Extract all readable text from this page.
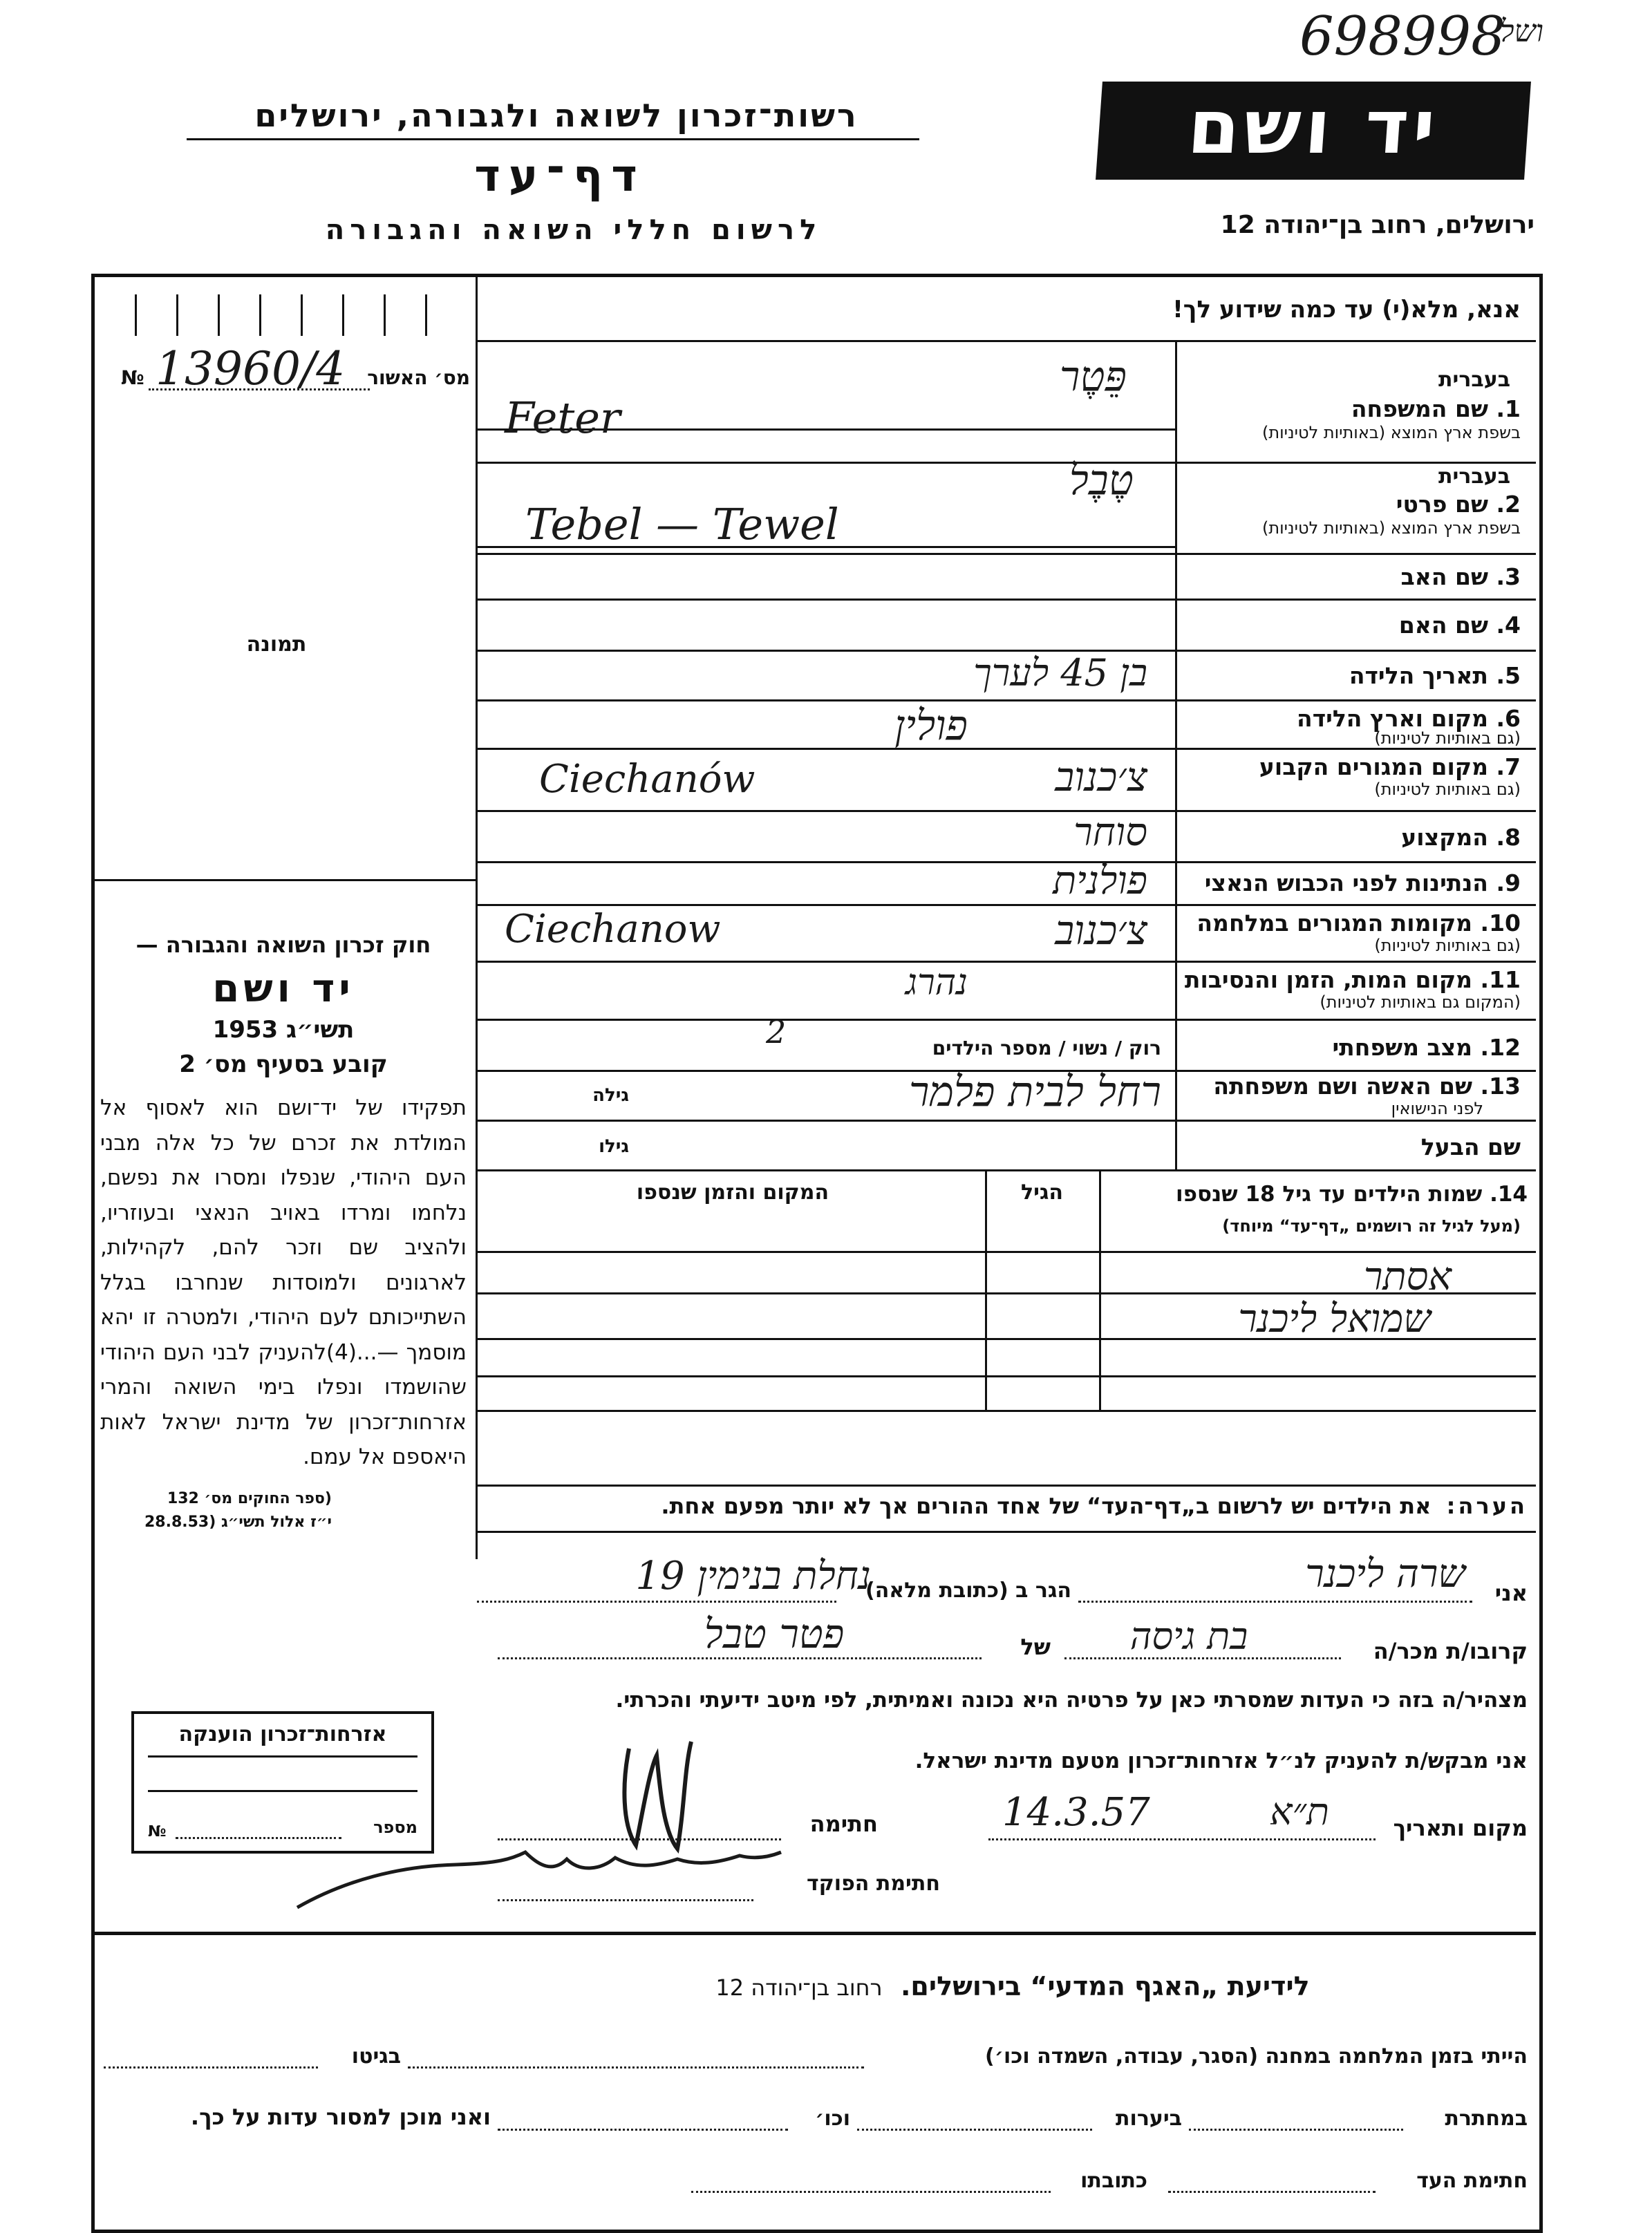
698998
ושל
רשות־זכרון לשואה ולגבורה, ירושלים
דף־עד
לרשום חללי השואה והגבורה
יד ושם
ירושלים, רחוב בן־יהודה 12
אנא, מלא(י) עד כמה שידוע לך!
№ 13960/4 מס׳ האשור
תמונה
חוק זכרון השואה והגבורה —
יד ושם
תשי״ג 1953
קובע בסעיף מס׳ 2
תפקידו של יד־ושם הוא לאסוף אל המולדת את זכרם של כל אלה מבני העם היהודי, שנפלו ומסרו את נפשם, נלחמו ומרדו באויב הנאצי ובעוזריו, ולהציב שם וזכר להם, לקהילות, לארגונים ולמוסדות שנחרבו בגלל השתייכותם לעם היהודי, ולמטרה זו יהא מוסמך —...(4)להעניק לבני העם היהודי שהושמדו ונפלו בימי השואה והמרי אזרחות־זכרון של מדינת ישראל לאות היאספם אל עמם.
(ספר החוקים מס׳ 132
י״ז אלול תשי״ג (28.8.53
אזרחות־זכרון הוענקה
№	מספר
בעברית
1. שם המשפחה
בשפת ארץ המוצא (באותיות לטיניות)
פֵּטֶר
Feter
בעברית
2. שם פרטי
בשפת ארץ המוצא (באותיות לטיניות)
טֶבֶל
Tebel — Tewel
3. שם האב
4. שם האם
5. תאריך הלידה
בן 45 לערך
6. מקום וארץ הלידה
(גם באותיות לטיניות)
פולין
7. מקום המגורים הקבוע
(גם באותיות לטיניות)
צ׳כנוב
Ciechanów
8. המקצוע
סוחר
9. הנתינות לפני הכבוש הנאצי
פולנית
10. מקומות המגורים במלחמה
(גם באותיות לטיניות)
צ׳כנוב
Ciechanow
11. מקום המות, הזמן והנסיבות
(המקום גם באותיות לטיניות)
נהרג
12. מצב משפחתי
רוק / נשוי / מספר הילדים
2
13. שם האשה ושם משפחתה
לפני הנישואין
רחל לבית פלמר
גילה
שם הבעל
גילו
14. שמות הילדים עד גיל 18 שנספו
(מעל לגיל זה רושמים „דף־עד“ מיוחד)
הגיל
המקום והזמן שנספו
אסתר
שמואל ליכנר
הערה:  את הילדים יש לרשום ב„דף־העד“ של אחד ההורים אך לא יותר מפעם אחת.
אני
שרה ליכנר
הגר ב (כתובת מלאה)
נחלת בנימין 19
קרובו/ת מכר/ה
בת גיסה
של
פטר טבל
מצהיר/ה בזה כי העדות שמסרתי כאן על פרטיה היא נכונה ואמיתית, לפי מיטב ידיעתי והכרתי.
אני מבקש/ת להעניק לנ״ל אזרחות־זכרון מטעם מדינת ישראל.
מקום ותאריך
ת״א
14.3.57
חתימה
חתימת הפוקד
לידיעת „האגף המדעי“ בירושלים.  רחוב בן־יהודה 12
הייתי בזמן המלחמה במחנה (הסגר, עבודה, השמדה וכו׳)
בגיטו
במחתרת
ביערות
וכו׳
ואני מוכן למסור עדות על כך.
חתימת העד
כתובתו
